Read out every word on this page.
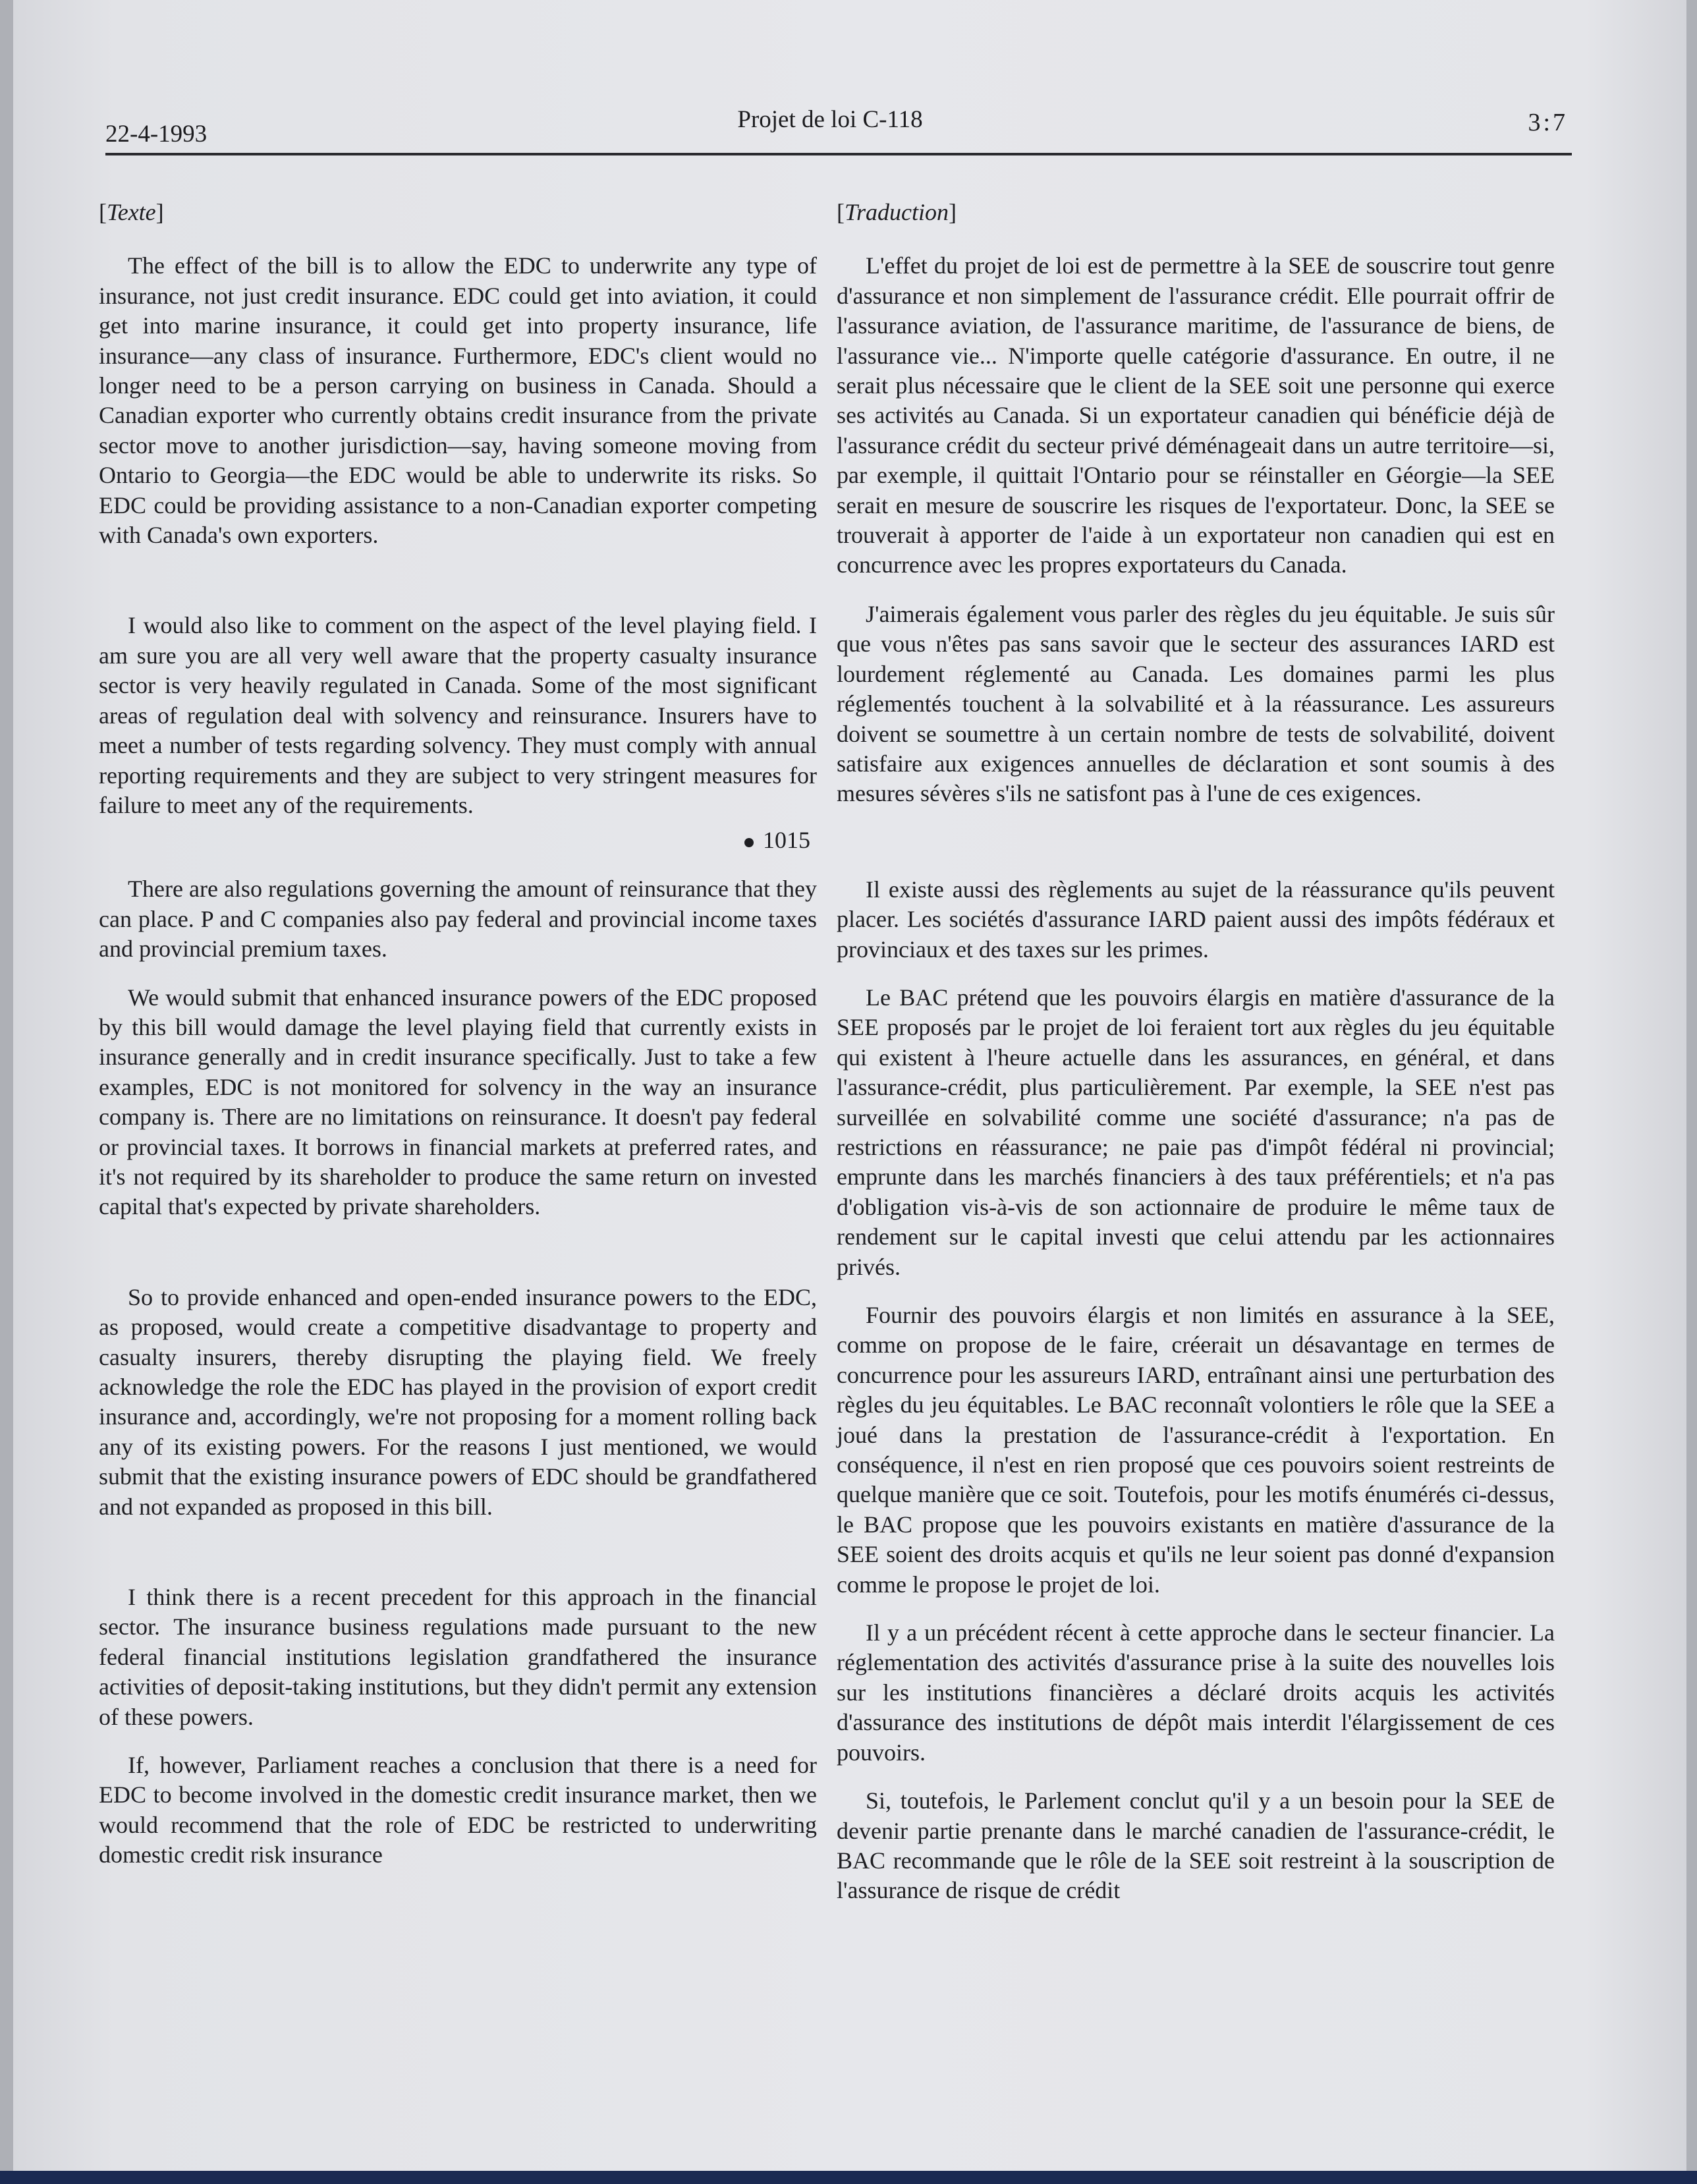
22-4-1993
Projet de loi C-118	3:7
[Texte]

The effect of the bill is to allow the EDC to underwrite any type of insurance, not just credit insurance. EDC could get into aviation, it could get into marine insurance, it could get into property insurance, life insurance—any class of insurance. Furthermore, EDC's client would no longer need to be a person carrying on business in Canada. Should a Canadian exporter who currently obtains credit insurance from the private sector move to another jurisdiction—say, having someone moving from Ontario to Georgia—the EDC would be able to underwrite its risks. So EDC could be providing assistance to a non-Canadian exporter competing with Canada's own exporters.

I would also like to comment on the aspect of the level playing field. I am sure you are all very well aware that the property casualty insurance sector is very heavily regulated in Canada. Some of the most significant areas of regulation deal with solvency and reinsurance. Insurers have to meet a number of tests regarding solvency. They must comply with annual reporting requirements and they are subject to very stringent measures for failure to meet any of the requirements.

1015

There are also regulations governing the amount of reinsurance that they can place. P and C companies also pay federal and provincial income taxes and provincial premium taxes.

We would submit that enhanced insurance powers of the EDC proposed by this bill would damage the level playing field that currently exists in insurance generally and in credit insurance specifically. Just to take a few examples, EDC is not monitored for solvency in the way an insurance company is. There are no limitations on reinsurance. It doesn't pay federal or provincial taxes. It borrows in financial markets at preferred rates, and it's not required by its shareholder to produce the same return on invested capital that's expected by private shareholders.

So to provide enhanced and open-ended insurance powers to the EDC, as proposed, would create a competitive disadvantage to property and casualty insurers, thereby disrupting the playing field. We freely acknowledge the role the EDC has played in the provision of export credit insurance and, accordingly, we're not proposing for a moment rolling back any of its existing powers. For the reasons I just mentioned, we would submit that the existing insurance powers of EDC should be grandfathered and not expanded as proposed in this bill.

I think there is a recent precedent for this approach in the financial sector. The insurance business regulations made pursuant to the new federal financial institutions legislation grandfathered the insurance activities of deposit-taking institutions, but they didn't permit any extension of these powers.

If, however, Parliament reaches a conclusion that there is a need for EDC to become involved in the domestic credit insurance market, then we would recommend that the role of EDC be restricted to underwriting domestic credit risk insurance

[Traduction]

L'effet du projet de loi est de permettre à la SEE de souscrire tout genre d'assurance et non simplement de l'assurance crédit. Elle pourrait offrir de l'assurance aviation, de l'assurance maritime, de l'assurance de biens, de l'assurance vie... N'importe quelle catégorie d'assurance. En outre, il ne serait plus nécessaire que le client de la SEE soit une personne qui exerce ses activités au Canada. Si un exportateur canadien qui bénéficie déjà de l'assurance crédit du secteur privé déménageait dans un autre territoire—si, par exemple, il quittait l'Ontario pour se réinstaller en Géorgie—la SEE serait en mesure de souscrire les risques de l'exportateur. Donc, la SEE se trouverait à apporter de l'aide à un exportateur non canadien qui est en concurrence avec les propres exportateurs du Canada.

J'aimerais également vous parler des règles du jeu équitable. Je suis sûr que vous n'êtes pas sans savoir que le secteur des assurances IARD est lourdement réglementé au Canada. Les domaines parmi les plus réglementés touchent à la solvabilité et à la réassurance. Les assureurs doivent se soumettre à un certain nombre de tests de solvabilité, doivent satisfaire aux exigences annuelles de déclaration et sont soumis à des mesures sévères s'ils ne satisfont pas à l'une de ces exigences.

Il existe aussi des règlements au sujet de la réassurance qu'ils peuvent placer. Les sociétés d'assurance IARD paient aussi des impôts fédéraux et provinciaux et des taxes sur les primes.

Le BAC prétend que les pouvoirs élargis en matière d'assurance de la SEE proposés par le projet de loi feraient tort aux règles du jeu équitable qui existent à l'heure actuelle dans les assurances, en général, et dans l'assurance-crédit, plus particulièrement. Par exemple, la SEE n'est pas surveillée en solvabilité comme une société d'assurance; n'a pas de restrictions en réassurance; ne paie pas d'impôt fédéral ni provincial; emprunte dans les marchés financiers à des taux préférentiels; et n'a pas d'obligation vis-à-vis de son actionnaire de produire le même taux de rendement sur le capital investi que celui attendu par les actionnaires privés.

Fournir des pouvoirs élargis et non limités en assurance à la SEE, comme on propose de le faire, créerait un désavantage en termes de concurrence pour les assureurs IARD, entraînant ainsi une perturbation des règles du jeu équitables. Le BAC reconnaît volontiers le rôle que la SEE a joué dans la prestation de l'assurance-crédit à l'exportation. En conséquence, il n'est en rien proposé que ces pouvoirs soient restreints de quelque manière que ce soit. Toutefois, pour les motifs énumérés ci-dessus, le BAC propose que les pouvoirs existants en matière d'assurance de la SEE soient des droits acquis et qu'ils ne leur soient pas donné d'expansion comme le propose le projet de loi.

Il y a un précédent récent à cette approche dans le secteur financier. La réglementation des activités d'assurance prise à la suite des nouvelles lois sur les institutions financières a déclaré droits acquis les activités d'assurance des institutions de dépôt mais interdit l'élargissement de ces pouvoirs.

Si, toutefois, le Parlement conclut qu'il y a un besoin pour la SEE de devenir partie prenante dans le marché canadien de l'assurance-crédit, le BAC recommande que le rôle de la SEE soit restreint à la souscription de l'assurance de risque de crédit
